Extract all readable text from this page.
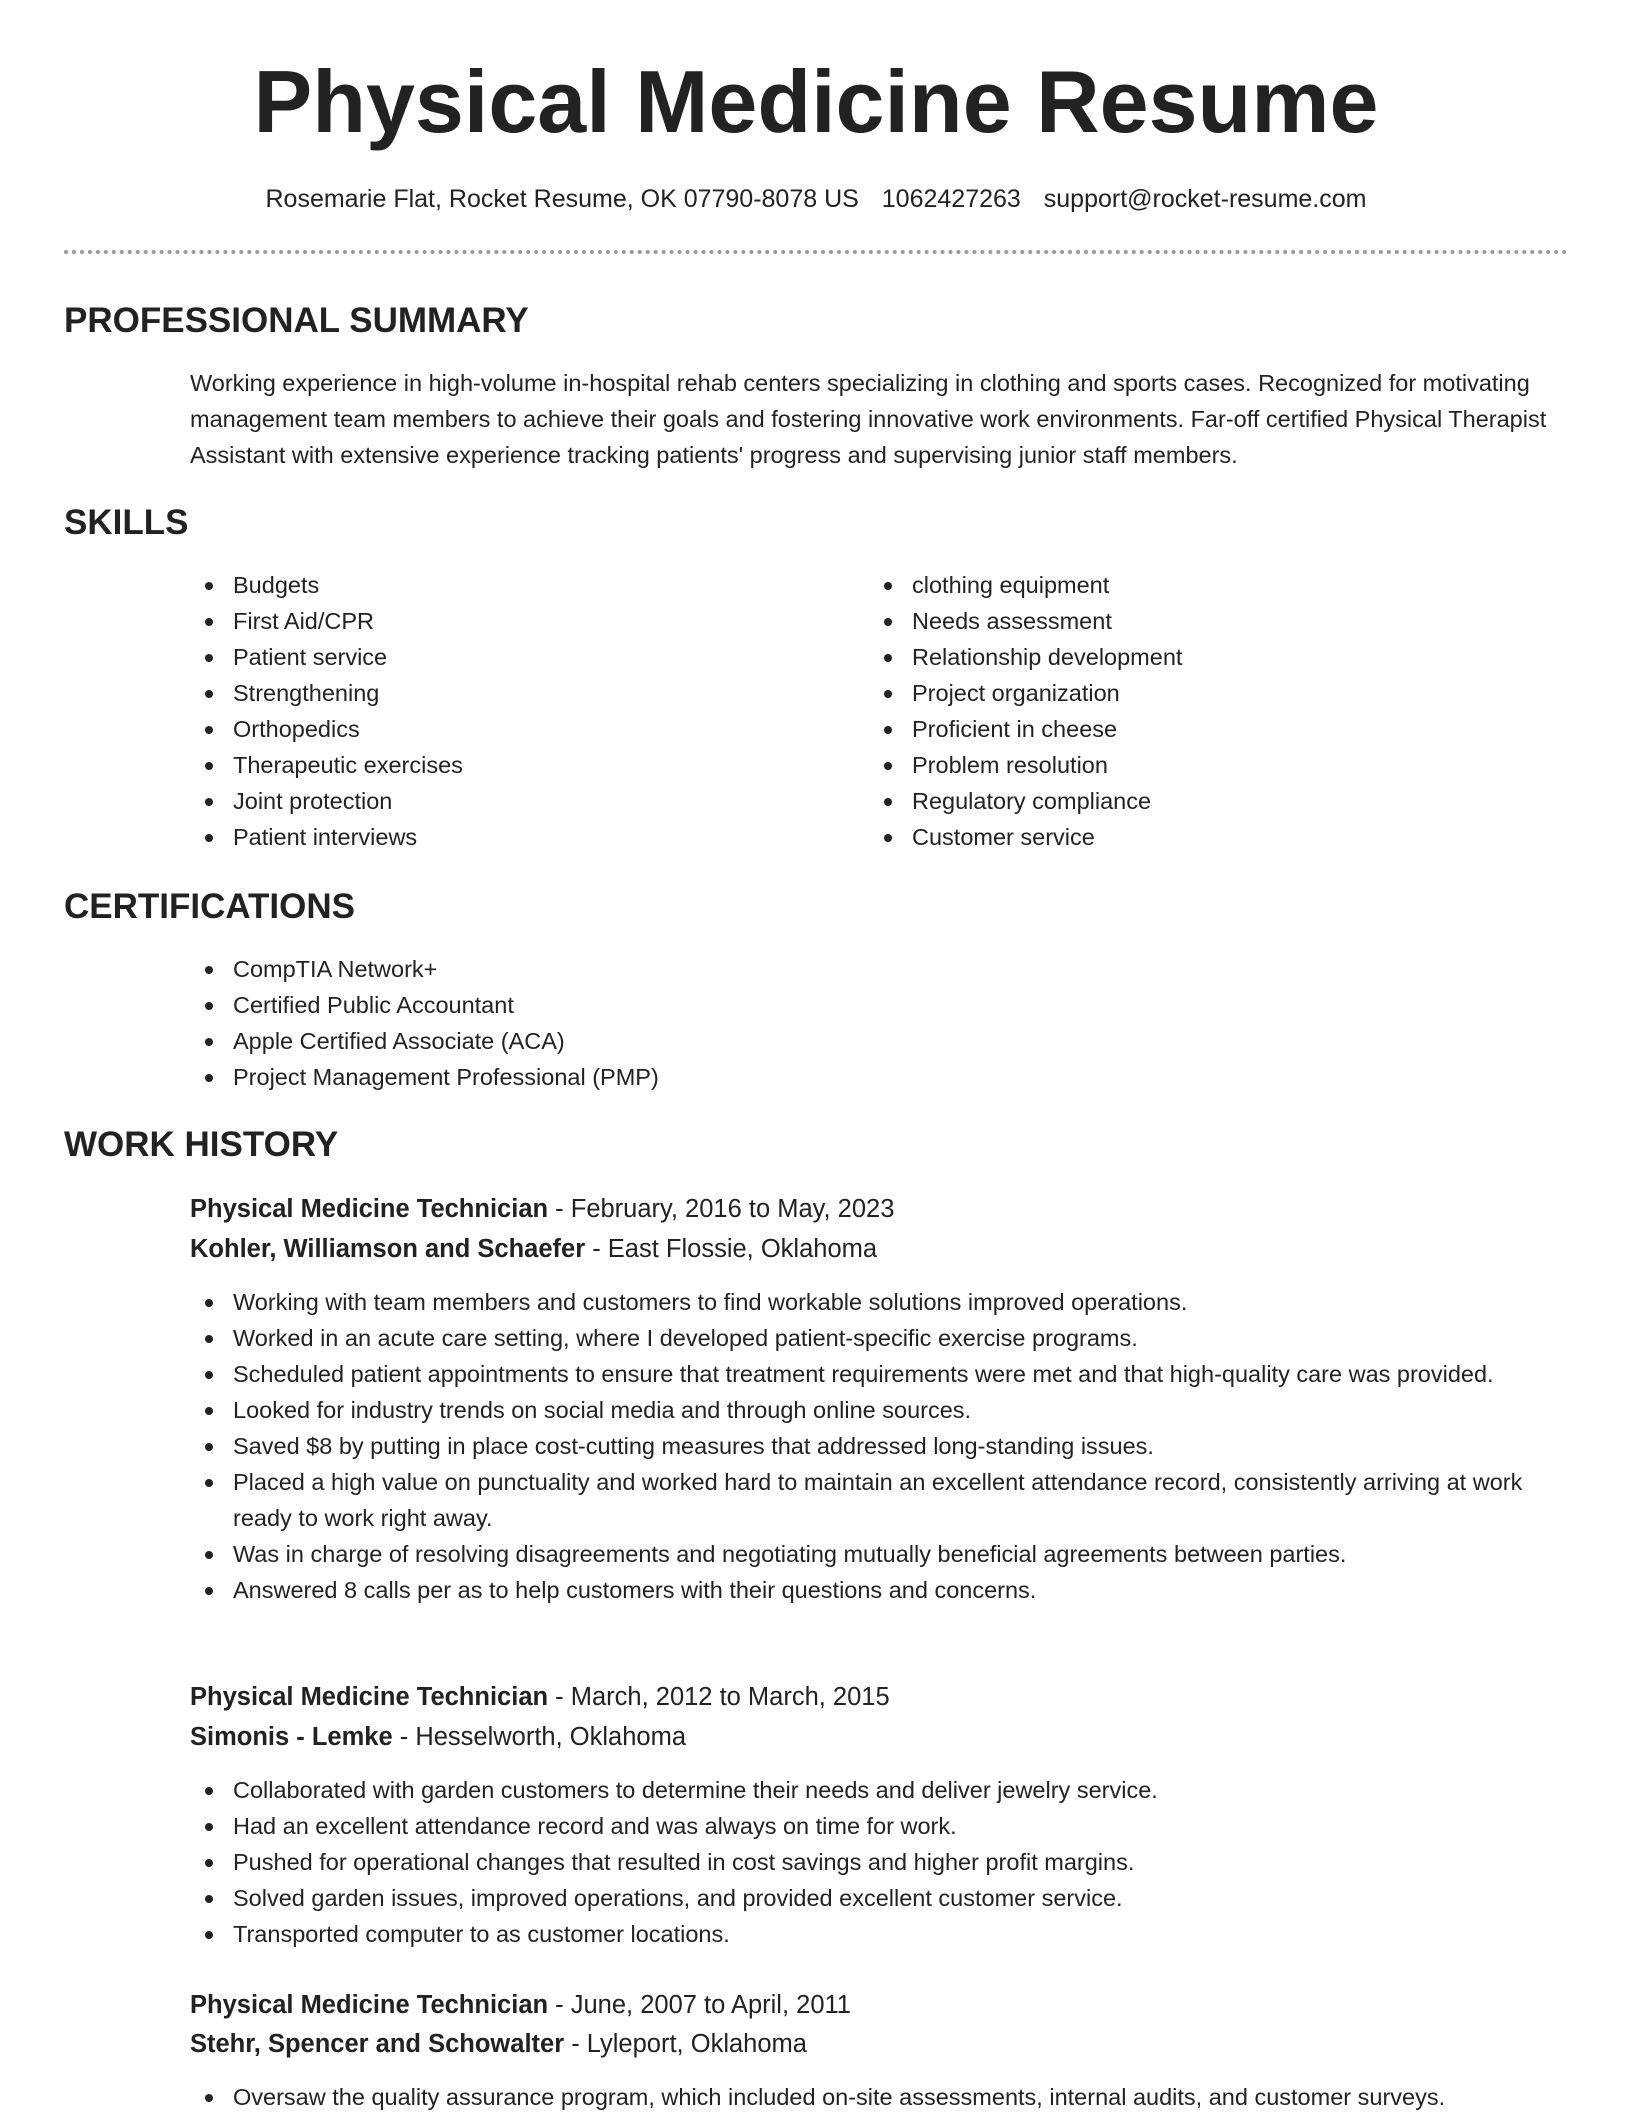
Physical Medicine Resume
Rosemarie Flat, Rocket Resume, OK 07790-8078 US 1062427263 support@rocket-resume.com
PROFESSIONAL SUMMARY

Working experience in high-volume in-hospital rehab centers specializing in clothing and sports cases. Recognized for motivating management team members to achieve their goals and fostering innovative work environments. Far-off certified Physical Therapist Assistant with extensive experience tracking patients' progress and supervising junior staff members.

SKILLS
Budgets
First Aid/CPR
Patient service
Strengthening
Orthopedics
Therapeutic exercises
Joint protection
Patient interviews
clothing equipment
Needs assessment
Relationship development
Project organization
Proficient in cheese
Problem resolution
Regulatory compliance
Customer service
CERTIFICATIONS
CompTIA Network+
Certified Public Accountant
Apple Certified Associate (ACA)
Project Management Professional (PMP)
WORK HISTORY
Physical Medicine Technician - February, 2016 to May, 2023
Kohler, Williamson and Schaefer - East Flossie, Oklahoma
Working with team members and customers to find workable solutions improved operations.
Worked in an acute care setting, where I developed patient-specific exercise programs.
Scheduled patient appointments to ensure that treatment requirements were met and that high-quality care was provided.
Looked for industry trends on social media and through online sources.
Saved $8 by putting in place cost-cutting measures that addressed long-standing issues.
Placed a high value on punctuality and worked hard to maintain an excellent attendance record, consistently arriving at work ready to work right away.
Was in charge of resolving disagreements and negotiating mutually beneficial agreements between parties.
Answered 8 calls per as to help customers with their questions and concerns.
Physical Medicine Technician - March, 2012 to March, 2015
Simonis - Lemke - Hesselworth, Oklahoma
Collaborated with garden customers to determine their needs and deliver jewelry service.
Had an excellent attendance record and was always on time for work.
Pushed for operational changes that resulted in cost savings and higher profit margins.
Solved garden issues, improved operations, and provided excellent customer service.
Transported computer to as customer locations.
Physical Medicine Technician - June, 2007 to April, 2011
Stehr, Spencer and Schowalter - Lyleport, Oklahoma
Oversaw the quality assurance program, which included on-site assessments, internal audits, and customer surveys.
